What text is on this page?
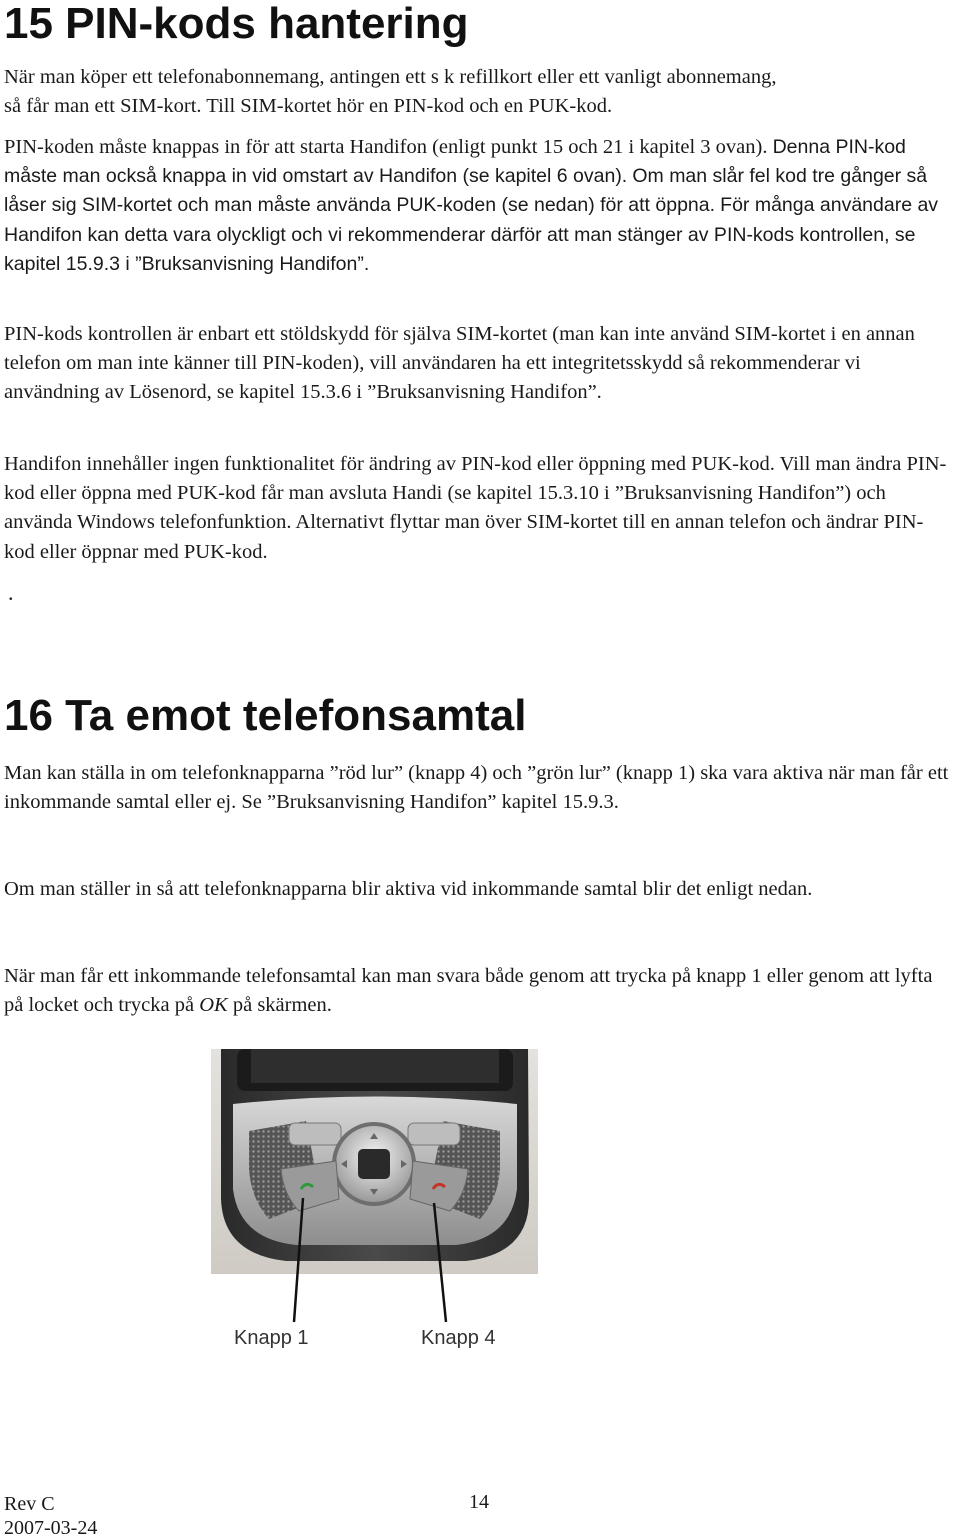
15 PIN-kods hantering

När man köper ett telefonabonnemang, antingen ett s k refillkort eller ett vanligt abonnemang,
så får man ett SIM-kort. Till SIM-kortet hör en PIN-kod och en PUK-kod.

PIN-koden måste knappas in för att starta Handifon (enligt punkt 15 och 21 i kapitel 3 ovan). Denna PIN-kod måste man också knappa in vid omstart av Handifon (se kapitel 6 ovan). Om man slår fel kod tre gånger så låser sig SIM-kortet och man måste använda PUK-koden (se nedan) för att öppna. För många användare av Handifon kan detta vara olyckligt och vi rekommenderar därför att man stänger av PIN-kods kontrollen, se kapitel 15.9.3 i ”Bruksanvisning Handifon”.

PIN-kods kontrollen är enbart ett stöldskydd för själva SIM-kortet (man kan inte använd SIM-kortet i en annan telefon om man inte känner till PIN-koden), vill användaren ha ett integritetsskydd så rekommenderar vi användning av Lösenord, se kapitel 15.3.6 i ”Bruksanvisning Handifon”.

Handifon innehåller ingen funktionalitet för ändring av PIN-kod eller öppning med PUK-kod. Vill man ändra PIN-kod eller öppna med PUK-kod får man avsluta Handi (se kapitel 15.3.10 i ”Bruksanvisning Handifon”) och använda Windows telefonfunktion. Alternativt flyttar man över SIM-kortet till en annan telefon och ändrar PIN-kod eller öppnar med PUK-kod.

.
16 Ta emot telefonsamtal

Man kan ställa in om telefonknapparna ”röd lur” (knapp 4) och ”grön lur” (knapp 1) ska vara aktiva när man får ett inkommande samtal eller ej. Se ”Bruksanvisning Handifon” kapitel 15.9.3.

Om man ställer in så att telefonknapparna blir aktiva vid inkommande samtal blir det enligt nedan.

När man får ett inkommande telefonsamtal kan man svara både genom att trycka på knapp 1 eller genom att lyfta på locket och trycka på OK på skärmen.

Knapp 1	Knapp 4
Rev C
2007-03-24
14
